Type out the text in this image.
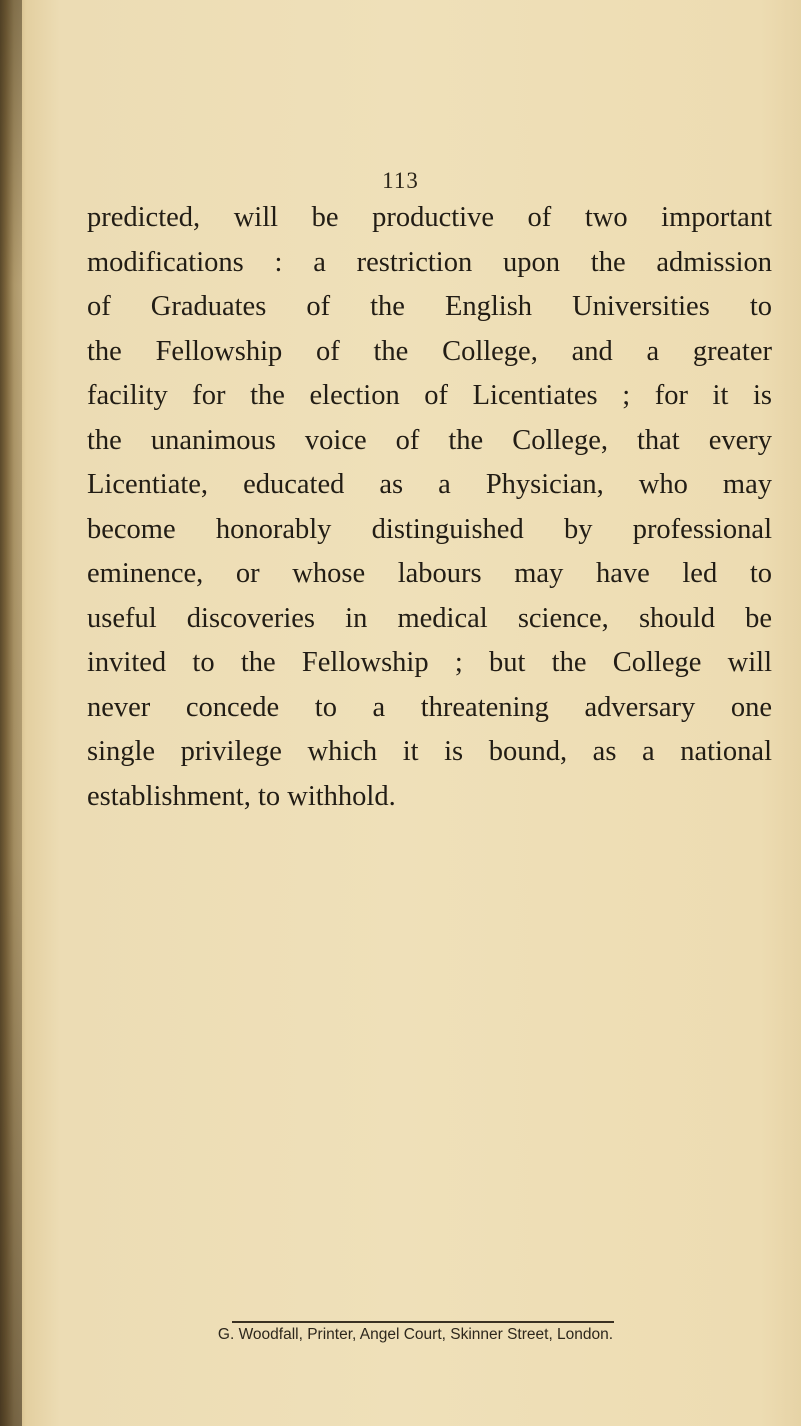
113
predicted, will be productive of two important
modifications : a restriction upon the admission
of Graduates of the English Universities to
the Fellowship of the College, and a greater
facility for the election of Licentiates ; for it is
the unanimous voice of the College, that every
Licentiate, educated as a Physician, who may
become honorably distinguished by professional
eminence, or whose labours may have led to
useful discoveries in medical science, should be
invited to the Fellowship ; but the College will
never concede to a threatening adversary one
single privilege which it is bound, as a national
establishment, to withhold.
G. Woodfall, Printer, Angel Court, Skinner Street, London.
